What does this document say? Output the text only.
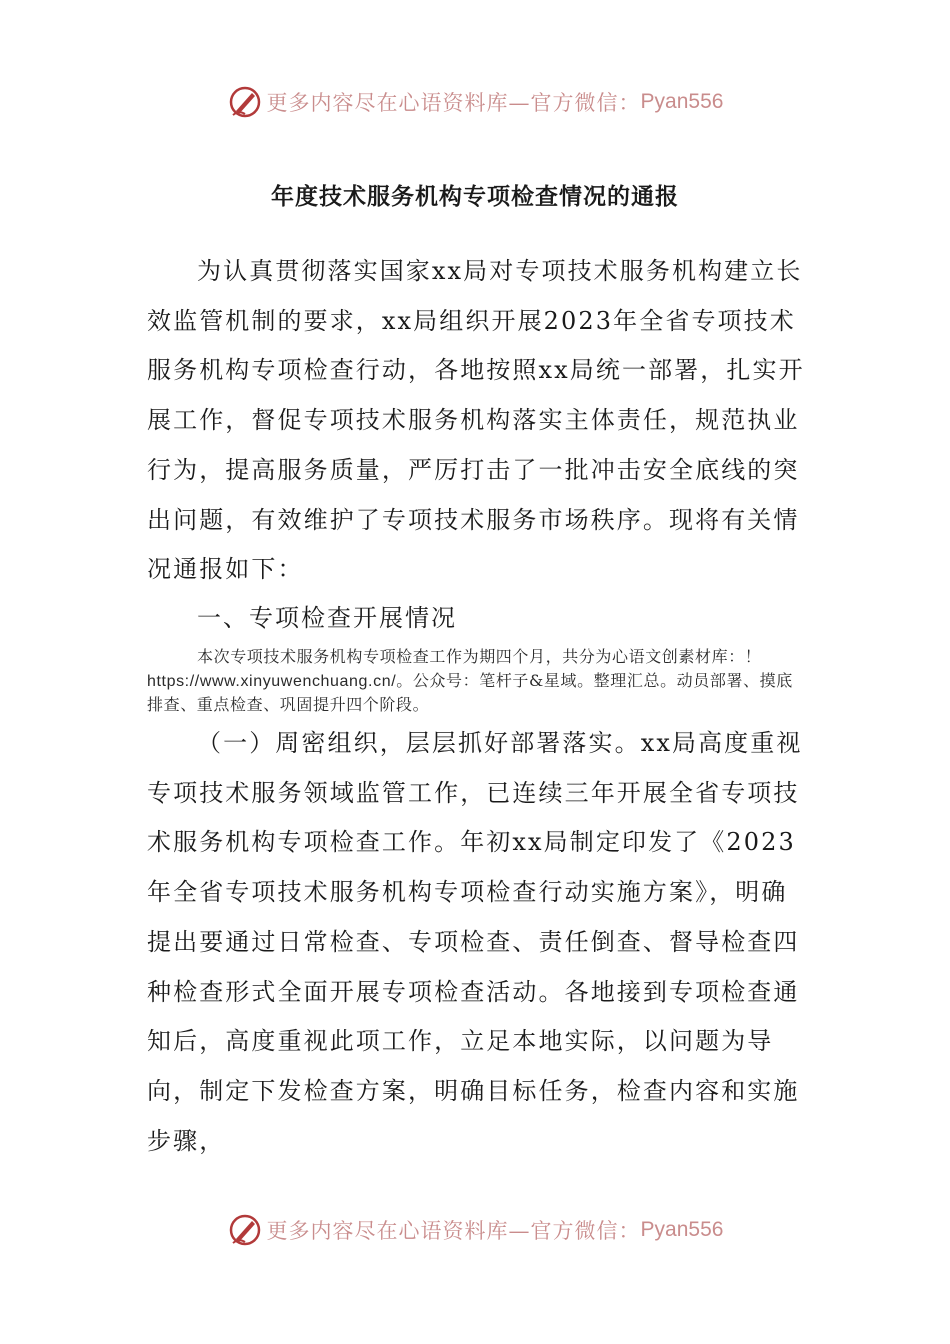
更多内容尽在心语资料库—官方微信： Pyan556
年度技术服务机构专项检查情况的通报
为认真贯彻落实国家xx局对专项技术服务机构建立长效监管机制的要求，xx局组织开展2023年全省专项技术服务机构专项检查行动，各地按照xx局统一部署，扎实开展工作，督促专项技术服务机构落实主体责任，规范执业行为，提高服务质量，严厉打击了一批冲击安全底线的突出问题，有效维护了专项技术服务市场秩序。现将有关情况通报如下：
一、专项检查开展情况
本次专项技术服务机构专项检查工作为期四个月，共分为心语文创素材库：！https://www.xinyuwenchuang.cn/。公众号：笔杆子&星域。整理汇总。动员部署、摸底排查、重点检查、巩固提升四个阶段。
（一）周密组织，层层抓好部署落实。xx局高度重视专项技术服务领域监管工作，已连续三年开展全省专项技术服务机构专项检查工作。年初xx局制定印发了《2023年全省专项技术服务机构专项检查行动实施方案》，明确提出要通过日常检查、专项检查、责任倒查、督导检查四种检查形式全面开展专项检查活动。各地接到专项检查通知后，高度重视此项工作，立足本地实际，以问题为导向，制定下发检查方案，明确目标任务，检查内容和实施步骤，
更多内容尽在心语资料库—官方微信： Pyan556
